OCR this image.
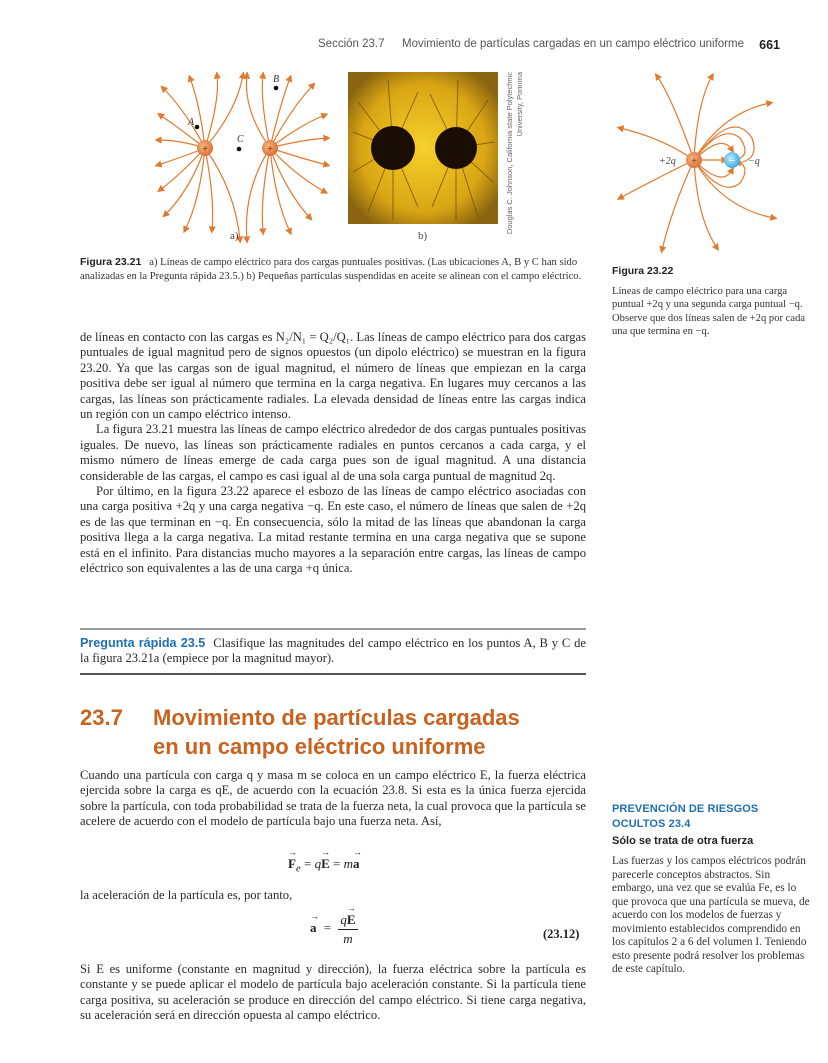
Sección 23.7 Movimiento de partículas cargadas en un campo eléctrico uniforme 661
+	+
A
B
C
a)
Douglas C. Johnson, California state Polytechnic University, Pomona
b)
Figura 23.21 a) Líneas de campo eléctrico para dos cargas puntuales positivas. (Las ubicaciones A, B y C han sido analizadas en la Pregunta rápida 23.5.) b) Pequeñas partículas suspendidas en aceite se alinean con el campo eléctrico.
+	−
+2q	−q
Figura 23.22
Líneas de campo eléctrico para una carga puntual +2q y una segunda carga puntual −q. Observe que dos líneas salen de +2q por cada una que termina en −q.

de líneas en contacto con las cargas es N₂/N₁ = Q₂/Q₁. Las líneas de campo eléctrico para dos cargas puntuales de igual magnitud pero de signos opuestos (un dipolo eléctrico) se muestran en la figura 23.20. Ya que las cargas son de igual magnitud, el número de líneas que empiezan en la carga positiva debe ser igual al número que termina en la carga negativa. En lugares muy cercanos a las cargas, las líneas son prácticamente radiales. La elevada densidad de líneas entre las cargas indica un región con un campo eléctrico intenso.

La figura 23.21 muestra las líneas de campo eléctrico alrededor de dos cargas puntuales positivas iguales. De nuevo, las líneas son prácticamente radiales en puntos cercanos a cada carga, y el mismo número de líneas emerge de cada carga pues son de igual magnitud. A una distancia considerable de las cargas, el campo es casi igual al de una sola carga puntual de magnitud 2q.

Por último, en la figura 23.22 aparece el esbozo de las líneas de campo eléctrico asociadas con una carga positiva +2q y una carga negativa −q. En este caso, el número de líneas que salen de +2q es de las que terminan en −q. En consecuencia, sólo la mitad de las líneas que abandonan la carga positiva llega a la carga negativa. La mitad restante termina en una carga negativa que se supone está en el infinito. Para distancias mucho mayores a la separación entre cargas, las líneas de campo eléctrico son equivalentes a las de una carga +q única.

Pregunta rápida 23.5 Clasifique las magnitudes del campo eléctrico en los puntos A, B y C de la figura 23.21a (empiece por la magnitud mayor).
23.7 Movimiento de partículas cargadas
en un campo eléctrico uniforme
Cuando una partícula con carga q y masa m se coloca en un campo eléctrico E, la fuerza eléctrica ejercida sobre la carga es qE, de acuerdo con la ecuación 23.8. Si esta es la única fuerza ejercida sobre la partícula, con toda probabilidad se trata de la fuerza neta, la cual provoca que la partícula se acelere de acuerdo con el modelo de partícula bajo una fuerza neta. Así,
→ $F_e = q\to E = m\to a$
la aceleración de la partícula es, por tanto,
→ $a = \frac{q\to E}{m}$	(23.12)
Si E es uniforme (constante en magnitud y dirección), la fuerza eléctrica sobre la partícula es constante y se puede aplicar el modelo de partícula bajo aceleración constante. Si la partícula tiene carga positiva, su aceleración se produce en dirección del campo eléctrico. Si tiene carga negativa, su aceleración será en dirección opuesta al campo eléctrico.
PREVENCIÓN DE RIESGOS
OCULTOS 23.4
Sólo se trata de otra fuerza
Las fuerzas y los campos eléctricos podrán parecerle conceptos abstractos. Sin embargo, una vez que se evalúa Fe, es lo que provoca que una partícula se mueva, de acuerdo con los modelos de fuerzas y movimiento establecidos comprendido en los capítulos 2 a 6 del volumen I. Teniendo esto presente podrá resolver los problemas de este capítulo.
